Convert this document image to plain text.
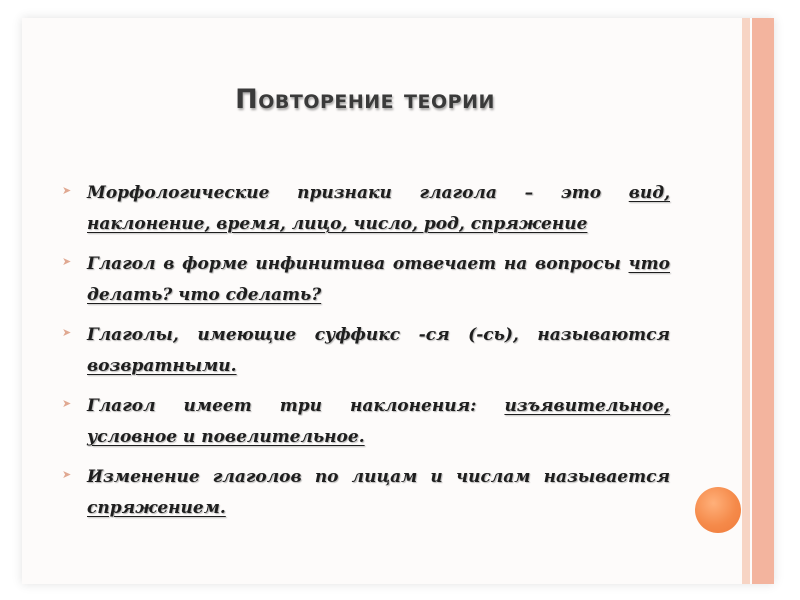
Повторение теории
➤ Морфологические признаки глагола – это вид, наклонение, время, лицо, число, род, спряжение
➤ Глагол в форме инфинитива отвечает на вопросы что делать? что сделать?
➤ Глаголы, имеющие суффикс -ся (-сь), называются возвратными.
➤ Глагол имеет три наклонения: изъявительное, условное и повелительное.
➤ Изменение глаголов по лицам и числам называется спряжением.
